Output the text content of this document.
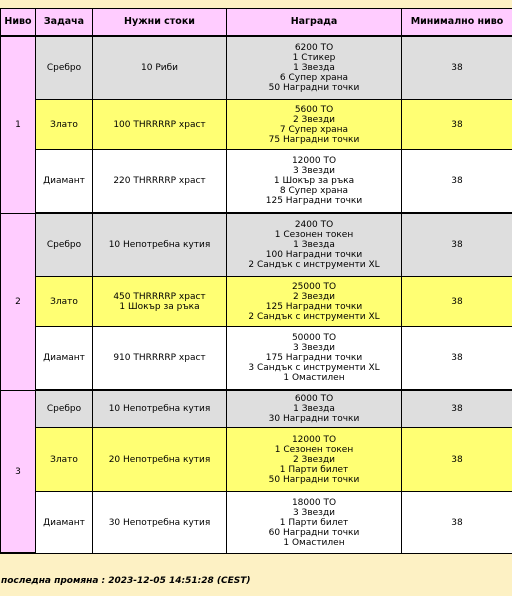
Ниво	Задача	Нужни стоки	Награда	Минимално ниво
1	Сребро	10 Риби	6200 ТО
1 Стикер
1 Звезда
6 Супер храна
50 Наградни точки	38
	Злато	100 THRRRRP храст	5600 ТО
2 Звезди
7 Супер храна
75 Наградни точки	38
	Диамант	220 THRRRRP храст	12000 ТО
3 Звезди
1 Шокър за ръка
8 Супер храна
125 Наградни точки	38
2	Сребро	10 Непотребна кутия	2400 ТО
1 Сезонен токен
1 Звезда
100 Наградни точки
2 Сандък с инструменти XL	38
	Злато	450 THRRRRP храст
1 Шокър за ръка	25000 ТО
2 Звезди
125 Наградни точки
2 Сандък с инструменти XL	38
	Диамант	910 THRRRRP храст	50000 ТО
3 Звезди
175 Наградни точки
3 Сандък с инструменти XL
1 Омастилен	38
3	Сребро	10 Непотребна кутия	6000 ТО
1 Звезда
30 Наградни точки	38
	Злато	20 Непотребна кутия	12000 ТО
1 Сезонен токен
2 Звезди
1 Парти билет
50 Наградни точки	38
	Диамант	30 Непотребна кутия	18000 ТО
3 Звезди
1 Парти билет
60 Наградни точки
1 Омастилен	38
последна промяна : 2023-12-05 14:51:28 (CEST)
